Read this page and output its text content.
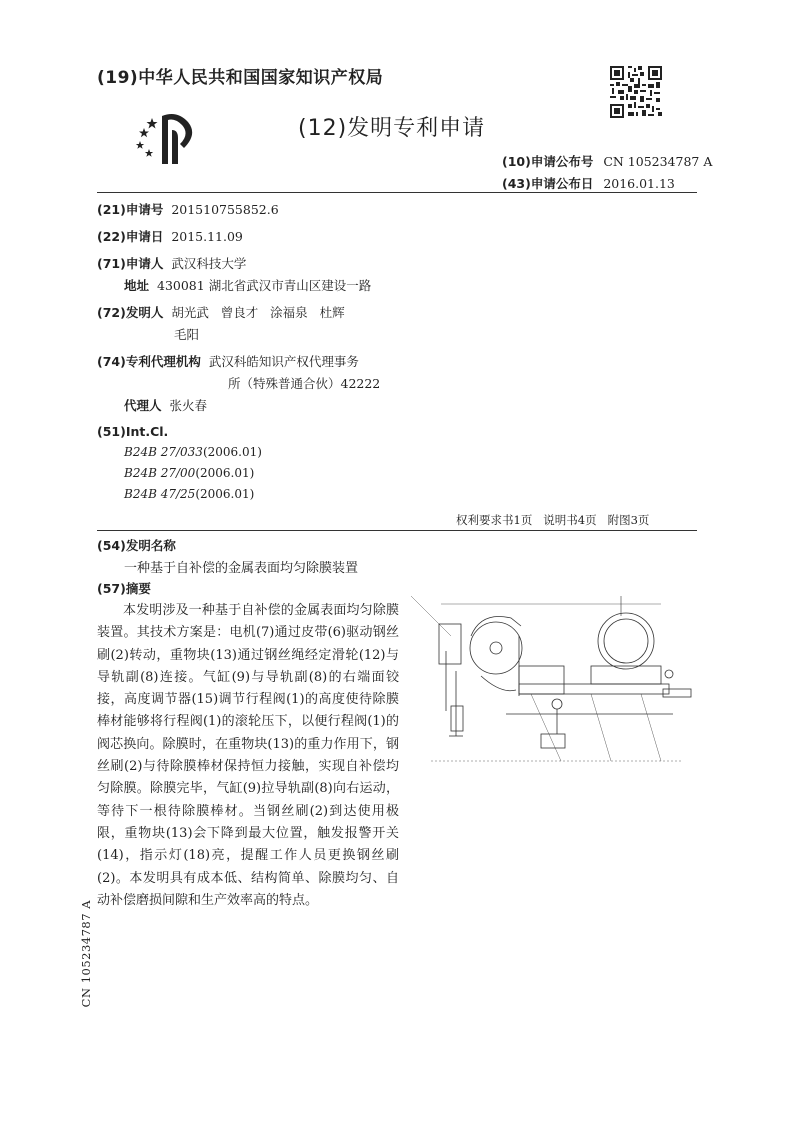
(19)中华人民共和国国家知识产权局
(12)发明专利申请
(10)申请公布号 CN 105234787 A
(43)申请公布日 2016.01.13
(21)申请号 201510755852.6
(22)申请日 2015.11.09
(71)申请人 武汉科技大学
地址 430081 湖北省武汉市青山区建设一路
(72)发明人 胡光武   曾良才   涂福泉   杜辉
毛阳
(74)专利代理机构 武汉科皓知识产权代理事务
所（特殊普通合伙）42222
代理人 张火春
(51)Int.Cl.
B24B 27/033(2006.01)
B24B 27/00(2006.01)
B24B 47/25(2006.01)
权利要求书1页   说明书4页   附图3页
(54)发明名称
一种基于自补偿的金属表面均匀除膜装置
(57)摘要

本发明涉及一种基于自补偿的金属表面均匀除膜装置。其技术方案是：电机(7)通过皮带(6)驱动钢丝刷(2)转动，重物块(13)通过钢丝绳经定滑轮(12)与导轨副(8)连接。气缸(9)与导轨副(8)的右端面铰接，高度调节器(15)调节行程阀(1)的高度使待除膜棒材能够将行程阀(1)的滚轮压下，以便行程阀(1)的阀芯换向。除膜时，在重物块(13)的重力作用下，钢丝刷(2)与待除膜棒材保持恒力接触，实现自补偿均匀除膜。除膜完毕，气缸(9)拉导轨副(8)向右运动，等待下一根待除膜棒材。当钢丝刷(2)到达使用极限，重物块(13)会下降到最大位置，触发报警开关(14)，指示灯(18)亮，提醒工作人员更换钢丝刷(2)。本发明具有成本低、结构简单、除膜均匀、自动补偿磨损间隙和生产效率高的特点。

CN 105234787 A
